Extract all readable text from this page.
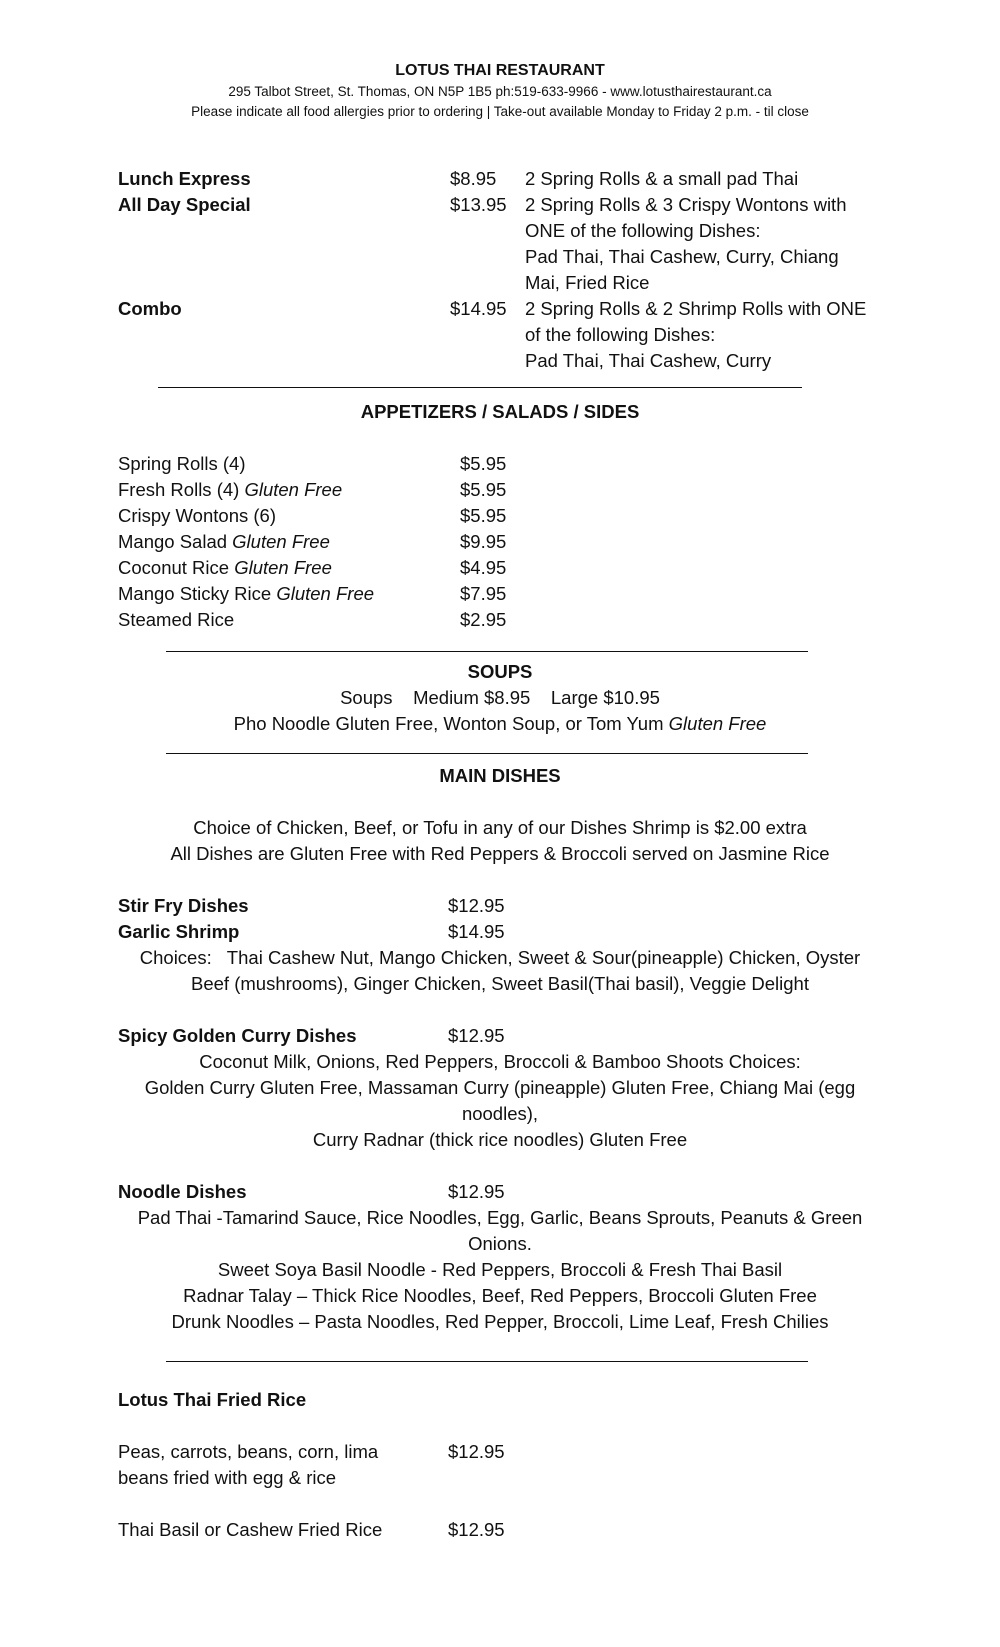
LOTUS THAI RESTAURANT
295 Talbot Street, St. Thomas, ON N5P 1B5 ph:519-633-9966 - www.lotusthairestaurant.ca
Please indicate all food allergies prior to ordering | Take-out available Monday to Friday 2 p.m. - til close
Lunch Express	$8.95 2 Spring Rolls & a small pad Thai
All Day Special	$13.95 2 Spring Rolls & 3 Crispy Wontons with
ONE of the following Dishes:
Pad Thai, Thai Cashew, Curry, Chiang
Mai, Fried Rice
Combo	$14.95 2 Spring Rolls & 2 Shrimp Rolls with ONE
of the following Dishes:
Pad Thai, Thai Cashew, Curry
APPETIZERS / SALADS / SIDES
Spring Rolls (4)	$5.95
Fresh Rolls (4) Gluten Free	$5.95
Crispy Wontons (6)	$5.95
Mango Salad Gluten Free	$9.95
Coconut Rice Gluten Free	$4.95
Mango Sticky Rice Gluten Free	$7.95
Steamed Rice	$2.95
SOUPS
Soups    Medium $8.95    Large $10.95
Pho Noodle Gluten Free, Wonton Soup, or Tom Yum Gluten Free
MAIN DISHES
Choice of Chicken, Beef, or Tofu in any of our Dishes Shrimp is $2.00 extra
All Dishes are Gluten Free with Red Peppers & Broccoli served on Jasmine Rice
Stir Fry Dishes	$12.95
Garlic Shrimp	$14.95
Choices:   Thai Cashew Nut, Mango Chicken, Sweet & Sour(pineapple) Chicken, Oyster
Beef (mushrooms), Ginger Chicken, Sweet Basil(Thai basil), Veggie Delight
Spicy Golden Curry Dishes	$12.95
Coconut Milk, Onions, Red Peppers, Broccoli & Bamboo Shoots Choices:
Golden Curry Gluten Free, Massaman Curry (pineapple) Gluten Free, Chiang Mai (egg
noodles),
Curry Radnar (thick rice noodles) Gluten Free
Noodle Dishes	$12.95
Pad Thai -Tamarind Sauce, Rice Noodles, Egg, Garlic, Beans Sprouts, Peanuts & Green
Onions.
Sweet Soya Basil Noodle - Red Peppers, Broccoli & Fresh Thai Basil
Radnar Talay – Thick Rice Noodles, Beef, Red Peppers, Broccoli Gluten Free
Drunk Noodles – Pasta Noodles, Red Pepper, Broccoli, Lime Leaf, Fresh Chilies
Lotus Thai Fried Rice
Peas, carrots, beans, corn, lima
beans fried with egg & rice
$12.95
Thai Basil or Cashew Fried Rice	$12.95
